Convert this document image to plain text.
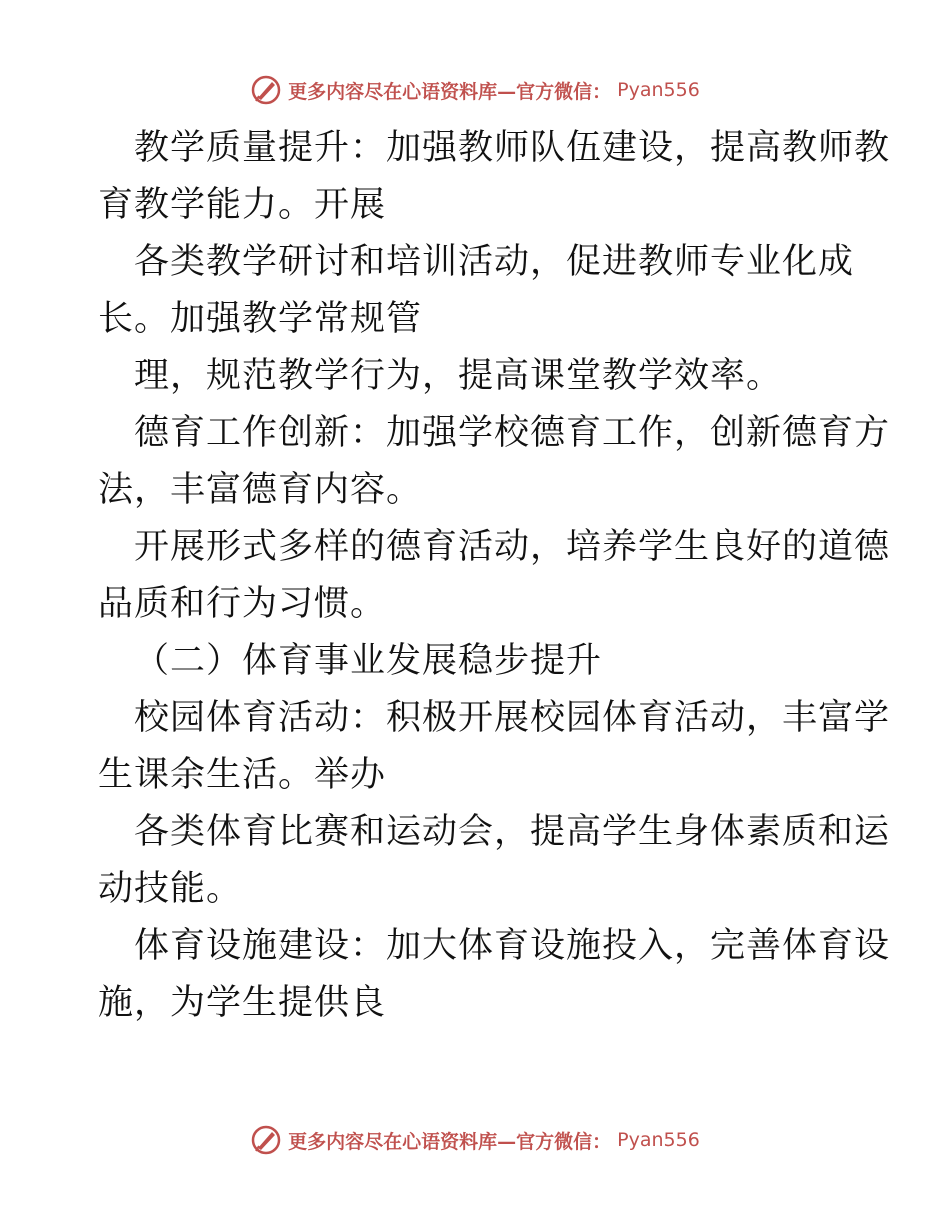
更多内容尽在心语资料库—官方微信： Pyan556
教学质量提升：加强教师队伍建设，提高教师教
育教学能力。开展
各类教学研讨和培训活动，促进教师专业化成
长。加强教学常规管
理，规范教学行为，提高课堂教学效率。
德育工作创新：加强学校德育工作，创新德育方
法，丰富德育内容。
开展形式多样的德育活动，培养学生良好的道德
品质和行为习惯。
（二）体育事业发展稳步提升
校园体育活动：积极开展校园体育活动，丰富学
生课余生活。举办
各类体育比赛和运动会，提高学生身体素质和运
动技能。
体育设施建设：加大体育设施投入，完善体育设
施，为学生提供良
更多内容尽在心语资料库—官方微信： Pyan556
